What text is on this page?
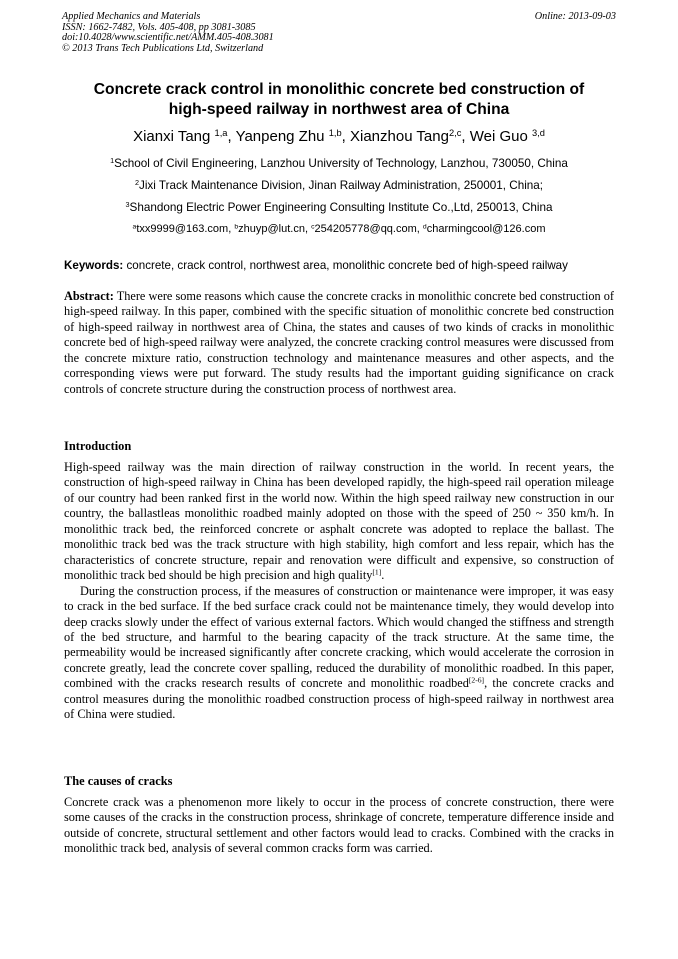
Applied Mechanics and Materials
ISSN: 1662-7482, Vols. 405-408, pp 3081-3085
doi:10.4028/www.scientific.net/AMM.405-408.3081
© 2013 Trans Tech Publications Ltd, Switzerland
Online: 2013-09-03
Concrete crack control in monolithic concrete bed construction of
high-speed railway in northwest area of China
Xianxi Tang $^{1,a}$, Yanpeng Zhu $^{1,b}$, Xianzhou Tang$^{2,c}$, Wei Guo $^{3,d}$
$^1$School of Civil Engineering, Lanzhou University of Technology, Lanzhou, 730050, China
$^2$Jixi Track Maintenance Division, Jinan Railway Administration, 250001, China;
$^3$Shandong Electric Power Engineering Consulting Institute Co.,Ltd, 250013, China
$^a$txx9999@163.com, $^b$zhuyp@lut.cn, $^c$254205778@qq.com, $^d$charmingcool@126.com
Keywords: concrete, crack control, northwest area, monolithic concrete bed of high-speed railway

Abstract: There were some reasons which cause the concrete cracks in monolithic concrete bed construction of high-speed railway. In this paper, combined with the specific situation of monolithic concrete bed construction of high-speed railway in northwest area of China, the states and causes of two kinds of cracks in monolithic concrete bed of high-speed railway were analyzed, the concrete cracking control measures were discussed from the concrete mixture ratio, construction technology and maintenance measures and other aspects, and the corresponding views were put forward. The study results had the important guiding significance on crack controls of concrete structure during the construction process of northwest area.

Introduction

High-speed railway was the main direction of railway construction in the world. In recent years, the construction of high-speed railway in China has been developed rapidly, the high-speed rail operation mileage of our country had been ranked first in the world now. Within the high speed railway new construction in our country, the ballastleas monolithic roadbed mainly adopted on those with the speed of 250 ~ 350 km/h. In monolithic track bed, the reinforced concrete or asphalt concrete was adopted to replace the ballast. The monolithic track bed was the track structure with high stability, high comfort and less repair, which has the characteristics of concrete structure, repair and renovation were difficult and expensive, so construction of monolithic track bed should be high precision and high quality[1].

During the construction process, if the measures of construction or maintenance were improper, it was easy to crack in the bed surface. If the bed surface crack could not be maintenance timely, they would develop into deep cracks slowly under the effect of various external factors. Which would changed the stiffness and strength of the bed structure, and harmful to the bearing capacity of the track structure. At the same time, the permeability would be increased significantly after concrete cracking, which would accelerate the corrosion in concrete greatly, lead the concrete cover spalling, reduced the durability of monolithic roadbed. In this paper, combined with the cracks research results of concrete and monolithic roadbed[2-6], the concrete cracks and control measures during the monolithic roadbed construction process of high-speed railway in northwest area of China were studied.

The causes of cracks

Concrete crack was a phenomenon more likely to occur in the process of concrete construction, there were some causes of the cracks in the construction process, shrinkage of concrete, temperature difference inside and outside of concrete, structural settlement and other factors would lead to cracks. Combined with the cracks in monolithic track bed, analysis of several common cracks form was carried.
